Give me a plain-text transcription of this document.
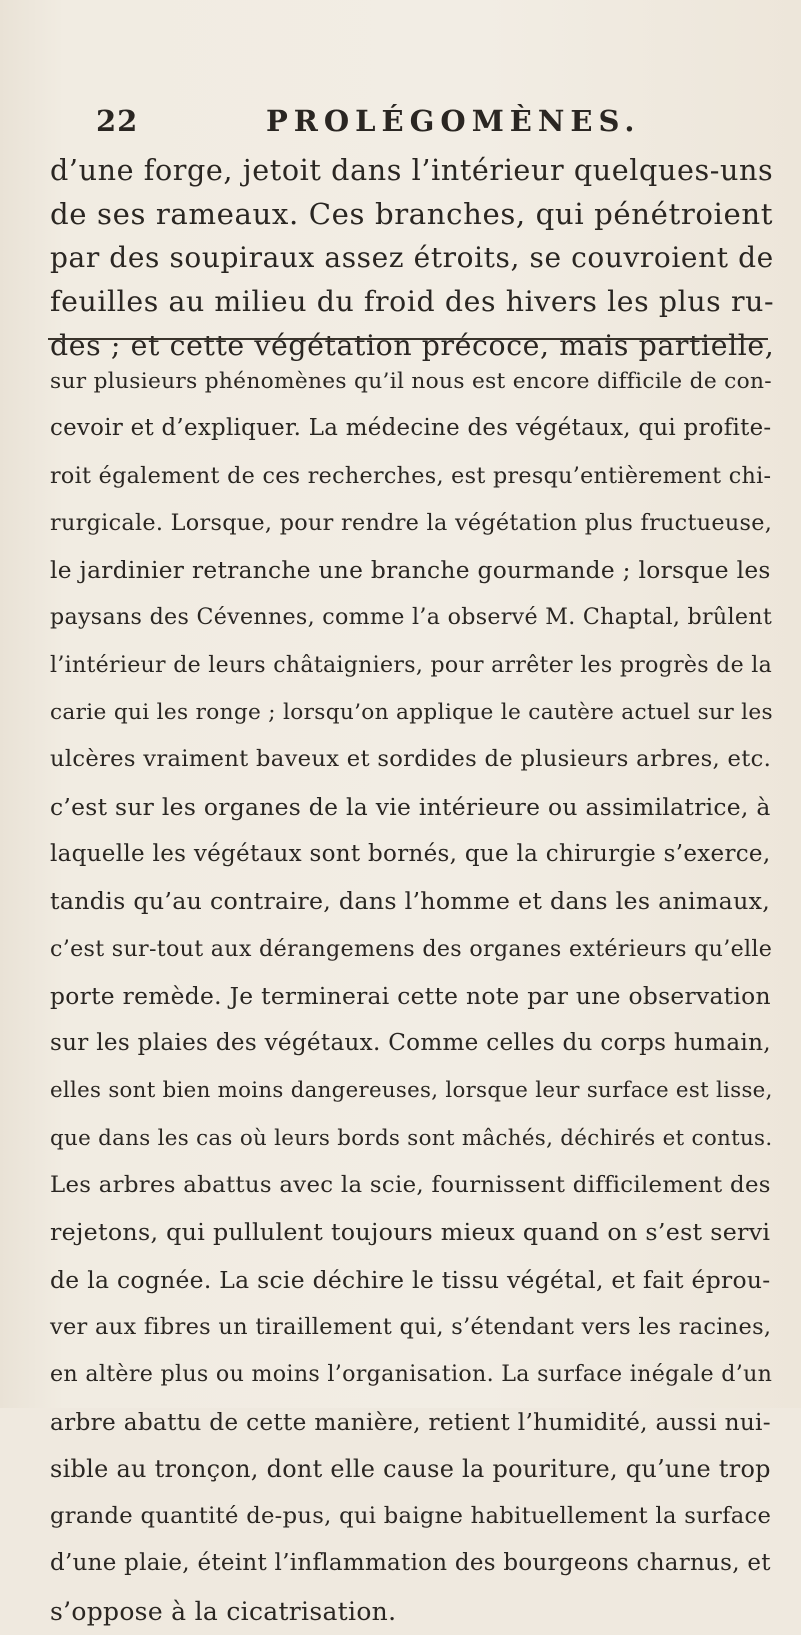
22	PROLÉGOMÈNES.
d’une forge, jetoit dans l’intérieur quelques-uns
de ses rameaux. Ces branches, qui pénétroient
par des soupiraux assez étroits, se couvroient de
feuilles au milieu du froid des hivers les plus ru-
des ; et cette végétation précoce, mais partielle,
sur plusieurs phénomènes qu’il nous est encore difficile de con-
cevoir et d’expliquer. La médecine des végétaux, qui profite-
roit également de ces recherches, est presqu’entièrement chi-
rurgicale. Lorsque, pour rendre la végétation plus fructueuse,
le jardinier retranche une branche gourmande ; lorsque les
paysans des Cévennes, comme l’a observé M. Chaptal, brûlent
l’intérieur de leurs châtaigniers, pour arrêter les progrès de la
carie qui les ronge ; lorsqu’on applique le cautère actuel sur les
ulcères vraiment baveux et sordides de plusieurs arbres, etc.
c’est sur les organes de la vie intérieure ou assimilatrice, à
laquelle les végétaux sont bornés, que la chirurgie s’exerce,
tandis qu’au contraire, dans l’homme et dans les animaux,
c’est sur-tout aux dérangemens des organes extérieurs qu’elle
porte remède. Je terminerai cette note par une observation
sur les plaies des végétaux. Comme celles du corps humain,
elles sont bien moins dangereuses, lorsque leur surface est lisse,
que dans les cas où leurs bords sont mâchés, déchirés et contus.
Les arbres abattus avec la scie, fournissent difficilement des
rejetons, qui pullulent toujours mieux quand on s’est servi
de la cognée. La scie déchire le tissu végétal, et fait éprou-
ver aux fibres un tiraillement qui, s’étendant vers les racines,
en altère plus ou moins l’organisation. La surface inégale d’un
arbre abattu de cette manière, retient l’humidité, aussi nui-
sible au tronçon, dont elle cause la pouriture, qu’une trop
grande quantité de-pus, qui baigne habituellement la surface
d’une plaie, éteint l’inflammation des bourgeons charnus, et
s’oppose à la cicatrisation.
